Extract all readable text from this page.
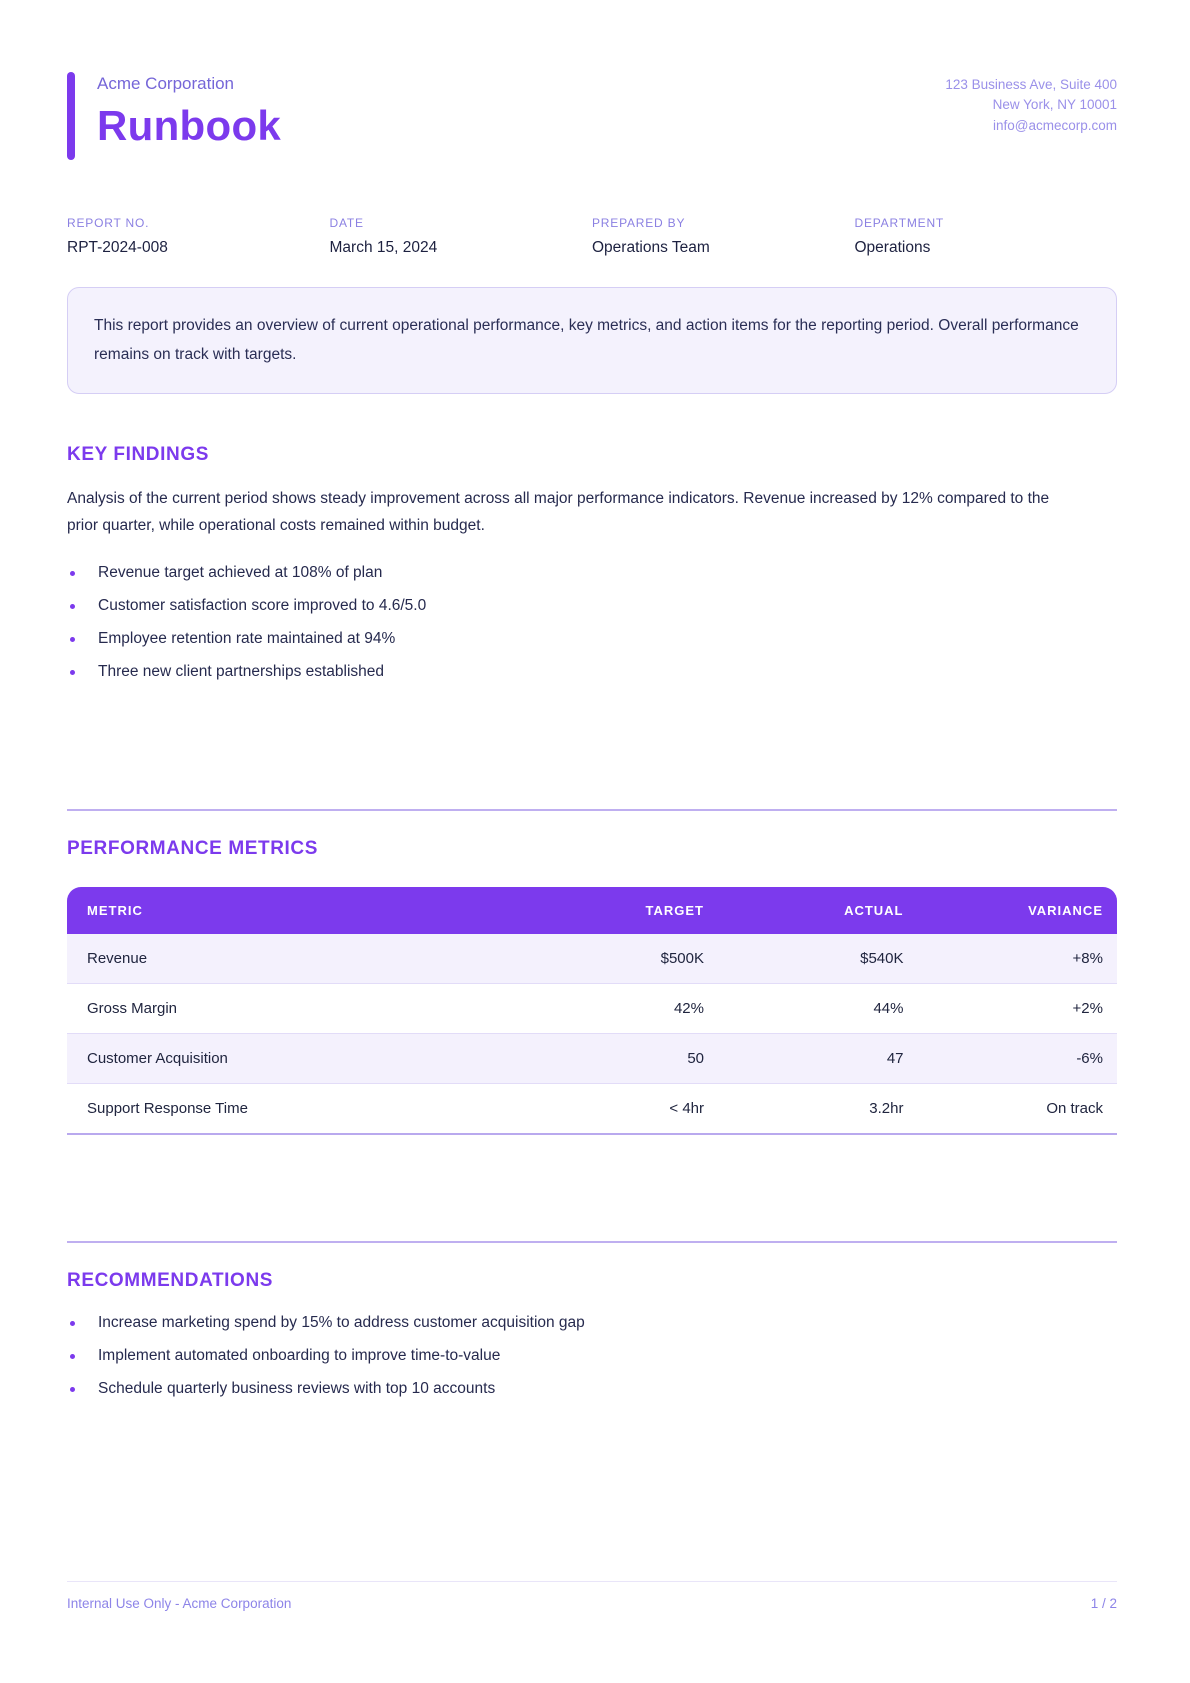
Acme Corporation
Runbook
123 Business Ave, Suite 400
New York, NY 10001
info@acmecorp.com
REPORT NO.
RPT-2024-008
DATE
March 15, 2024
PREPARED BY
Operations Team
DEPARTMENT
Operations
This report provides an overview of current operational performance, key metrics, and action items for the reporting period. Overall performance remains on track with targets.
KEY FINDINGS
Analysis of the current period shows steady improvement across all major performance indicators. Revenue increased by 12% compared to the prior quarter, while operational costs remained within budget.
Revenue target achieved at 108% of plan
Customer satisfaction score improved to 4.6/5.0
Employee retention rate maintained at 94%
Three new client partnerships established
PERFORMANCE METRICS
METRIC	TARGET	ACTUAL	VARIANCE
Revenue	$500K	$540K	+8%
Gross Margin	42%	44%	+2%
Customer Acquisition	50	47	-6%
Support Response Time	< 4hr	3.2hr	On track
RECOMMENDATIONS
Increase marketing spend by 15% to address customer acquisition gap
Implement automated onboarding to improve time-to-value
Schedule quarterly business reviews with top 10 accounts
Internal Use Only - Acme Corporation	1 / 2
